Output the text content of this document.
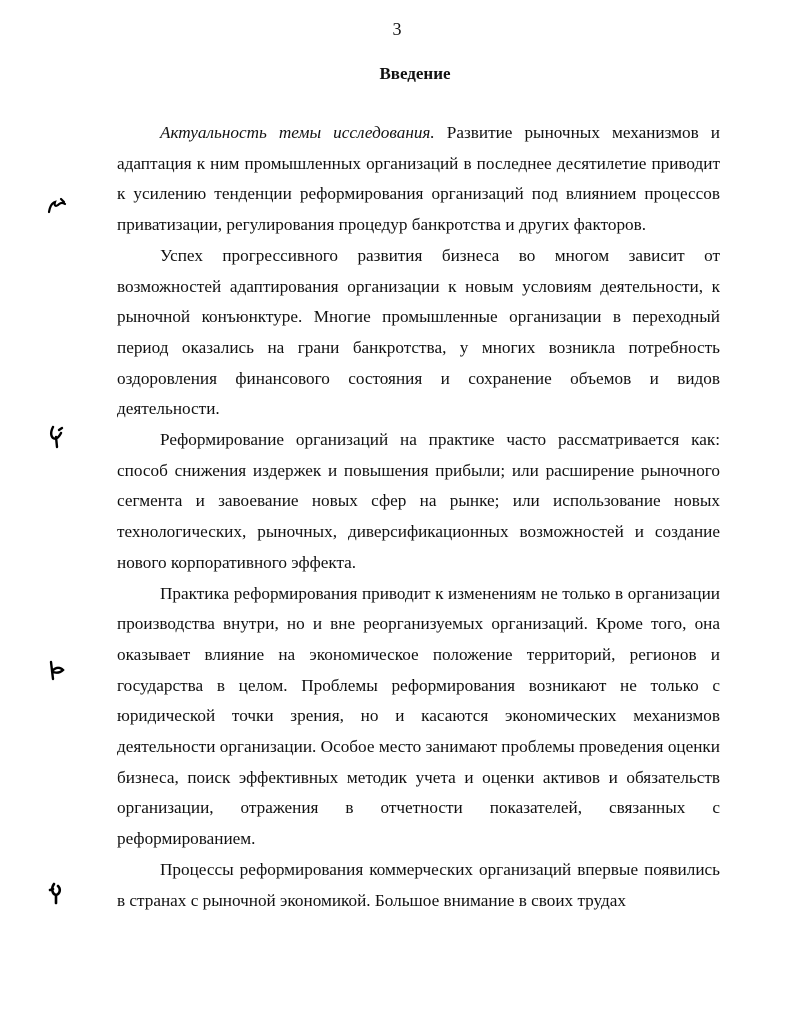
3
Введение

Актуальность темы исследования. Развитие рыночных механизмов и адаптация к ним промышленных организаций в последнее десятилетие приводит к усилению тенденции реформирования организаций под влиянием процессов приватизации, регулирования процедур банкротства и других факторов.

Успех прогрессивного развития бизнеса во многом зависит от возможностей адаптирования организации к новым условиям деятельности, к рыночной конъюнктуре. Многие промышленные организации в переходный период оказались на грани банкротства, у многих возникла потребность оздоровления финансового состояния и сохранение объемов и видов деятельности.

Реформирование организаций на практике часто рассматривается как: способ снижения издержек и повышения прибыли; или расширение рыночного сегмента и завоевание новых сфер на рынке; или использование новых технологических, рыночных, диверсификационных возможностей и создание нового корпоративного эффекта.

Практика реформирования приводит к изменениям не только в организации производства внутри, но и вне реорганизуемых организаций. Кроме того, она оказывает влияние на экономическое положение территорий, регионов и государства в целом. Проблемы реформирования возникают не только с юридической точки зрения, но и касаются экономических механизмов деятельности организации. Особое место занимают проблемы проведения оценки бизнеса, поиск эффективных методик учета и оценки активов и обязательств организации, отражения в отчетности показателей, связанных с реформированием.

Процессы реформирования коммерческих организаций впервые появились в странах с рыночной экономикой. Большое внимание в своих трудах
